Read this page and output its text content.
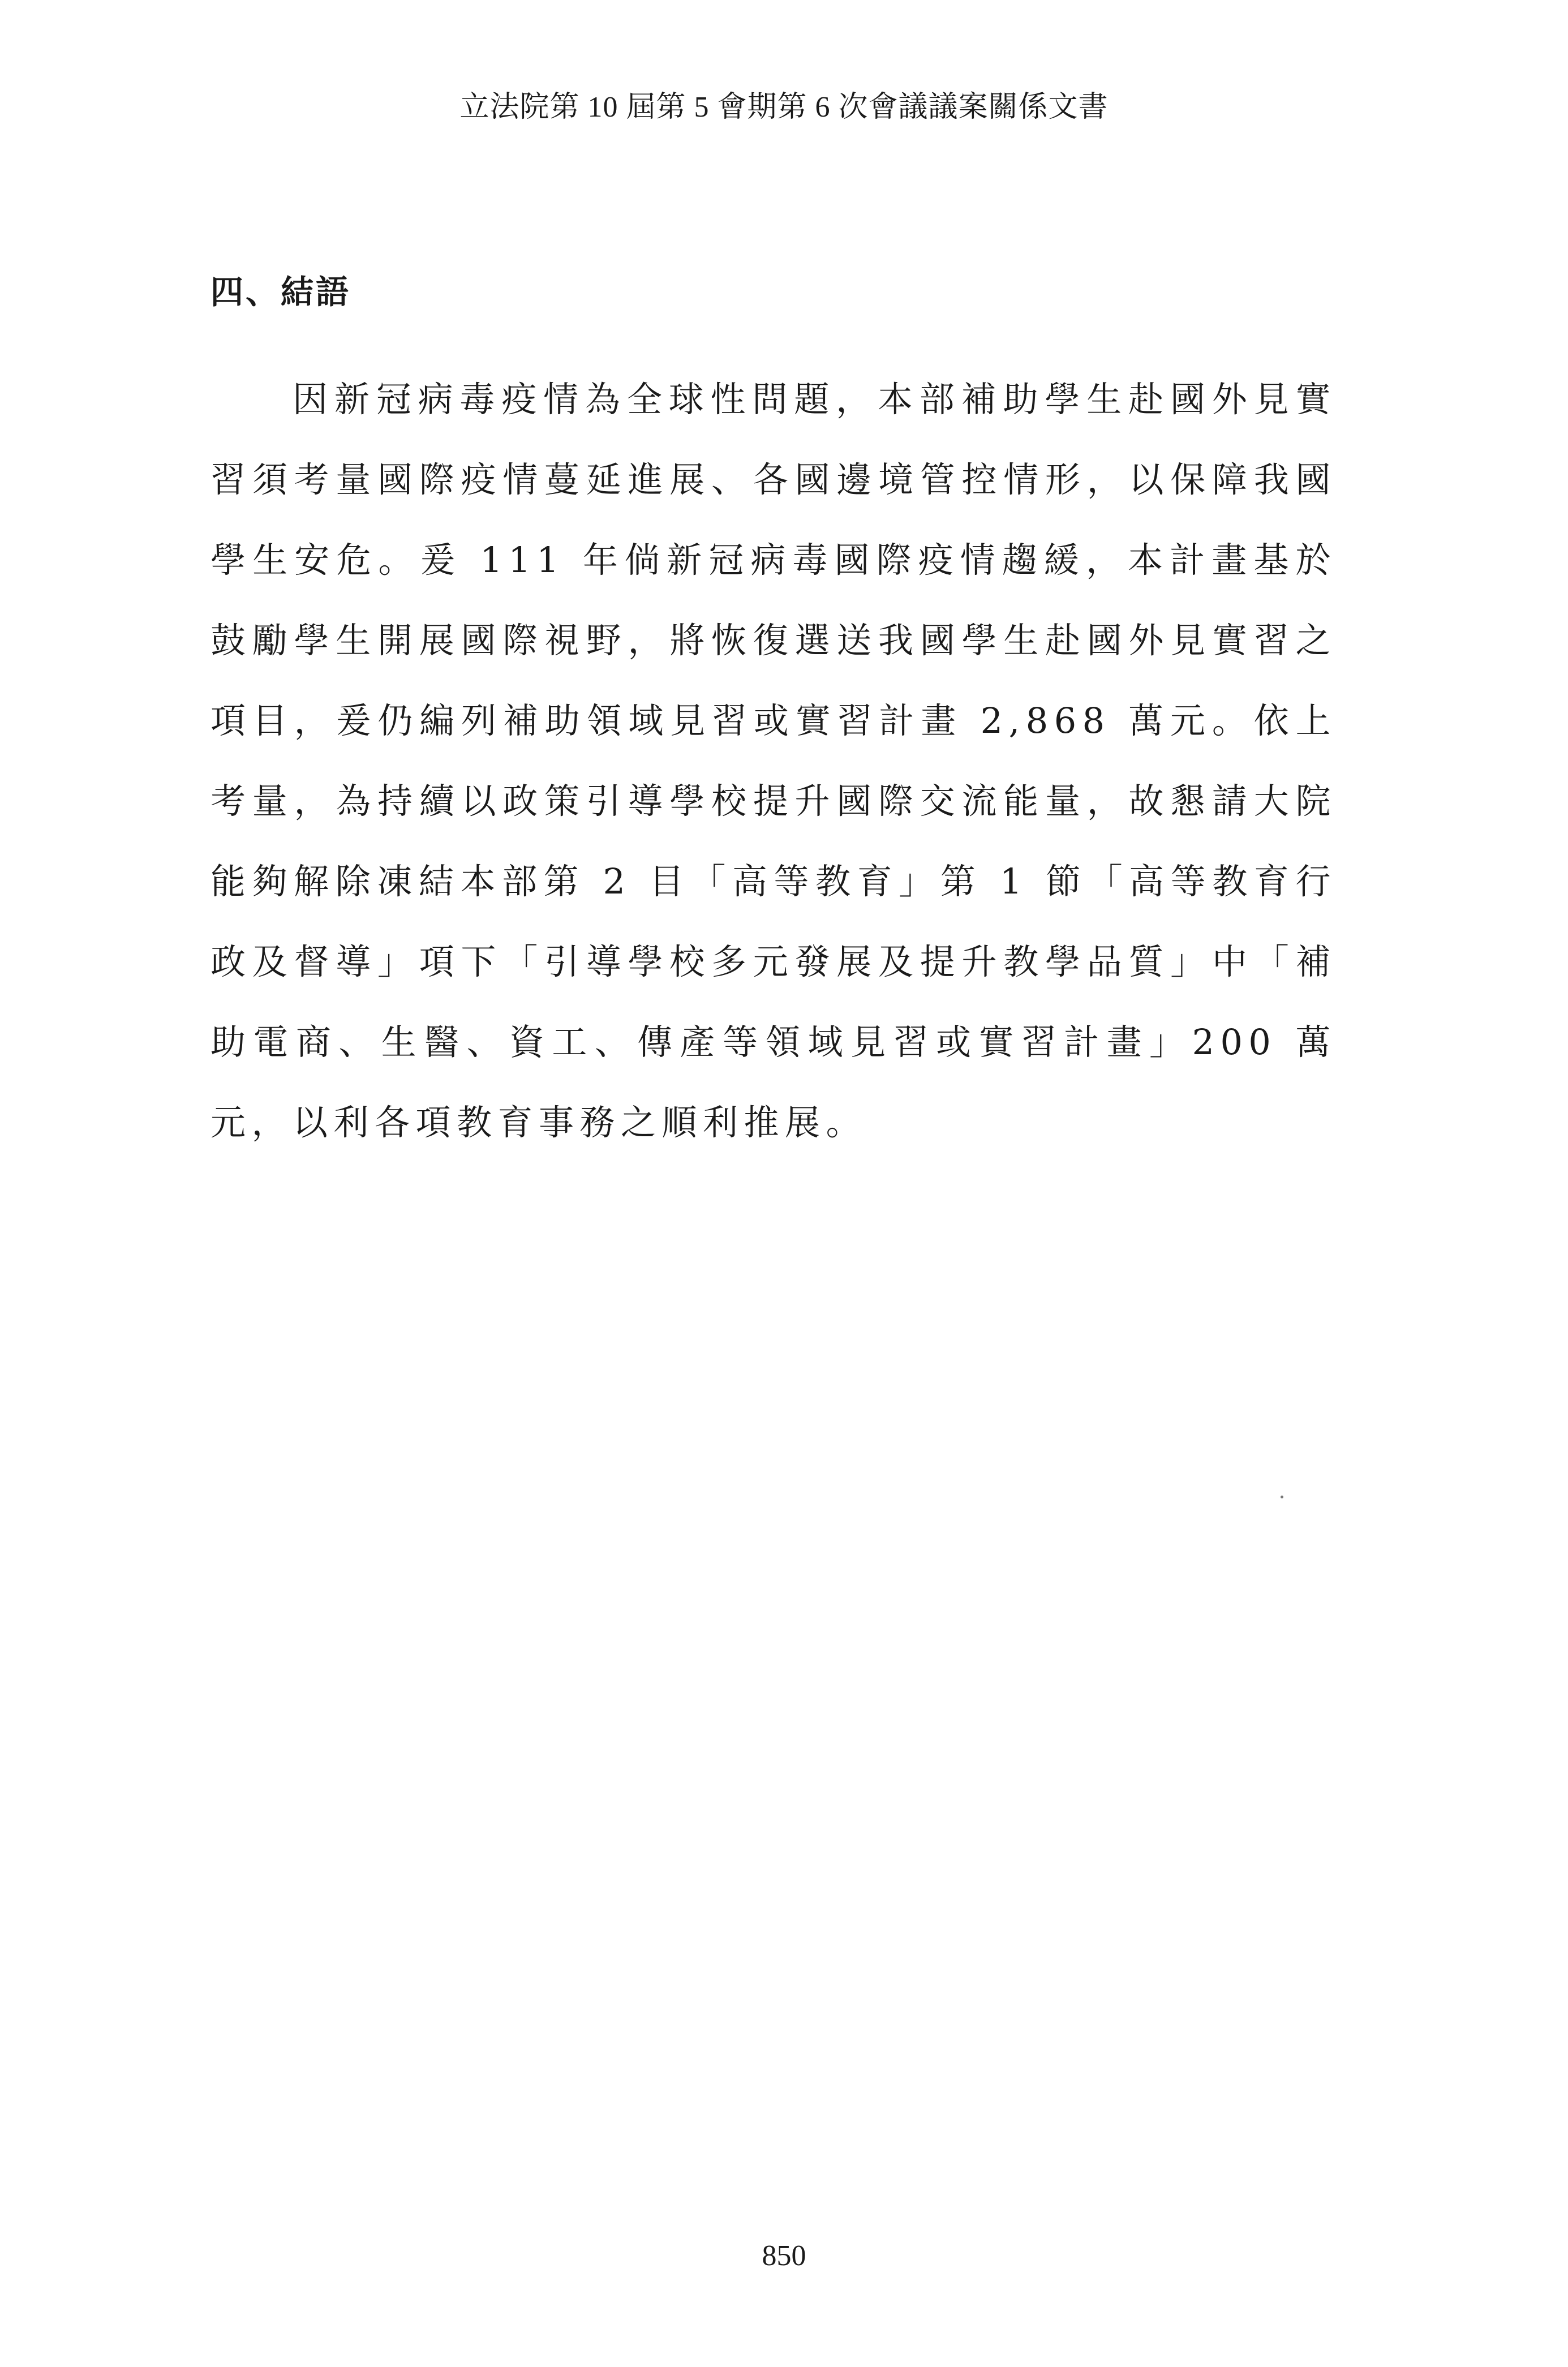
立法院第 10 屆第 5 會期第 6 次會議議案關係文書
四、結語

因新冠病毒疫情為全球性問題，本部補助學生赴國外見實習須考量國際疫情蔓延進展、各國邊境管控情形，以保障我國學生安危。爰 111 年倘新冠病毒國際疫情趨緩，本計畫基於鼓勵學生開展國際視野，將恢復選送我國學生赴國外見實習之項目，爰仍編列補助領域見習或實習計畫 2,868 萬元。依上考量，為持續以政策引導學校提升國際交流能量，故懇請大院能夠解除凍結本部第 2 目「高等教育」第 1 節「高等教育行政及督導」項下「引導學校多元發展及提升教學品質」中「補助電商、生醫、資工、傳產等領域見習或實習計畫」200 萬元，以利各項教育事務之順利推展。

850
